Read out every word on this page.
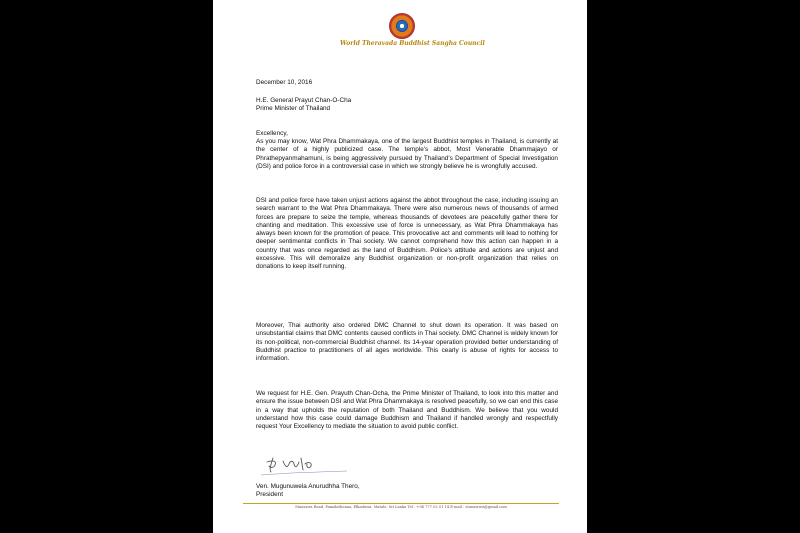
World Theravada Buddhist Sangha Council
December 10, 2016
H.E. General Prayut Chan-O-Cha
Prime Minister of Thailand
Excellency,
As you may know, Wat Phra Dhammakaya, one of the largest Buddhist temples in Thailand, is currently at the center of a highly publicized case. The temple's abbot, Most Venerable Dhammajayo or Phrathepyanmahamuni, is being aggressively pursued by Thailand's Department of Special Investigation (DSI) and police force in a controversial case in which we strongly believe he is wrongfully accused.
DSI and police force have taken unjust actions against the abbot throughout the case, including issuing an search warrant to the Wat Phra Dhammakaya. There were also numerous news of thousands of armed forces are prepare to seize the temple, whereas thousands of devotees are peacefully gather there for chanting and meditation. This excessive use of force is unnecessary, as Wat Phra Dhammakaya has always been known for the promotion of peace. This provocative act and comments will lead to nothing for deeper sentimental conflicts in Thai society. We cannot comprehend how this action can happen in a country that was once regarded as the land of Buddhism. Police's attitude and actions are unjust and excessive. This will demoralize any Buddhist organization or non-profit organization that relies on donations to keep itself running.
Moreover, Thai authority also ordered DMC Channel to shut down its operation. It was based on unsubstantial claims that DMC contents caused conflicts in Thai society. DMC Channel is widely known for its non-political, non-commercial Buddhist channel. Its 14-year operation provided better understanding of Buddhist practice to practitioners of all ages worldwide. This cearly is abuse of rights for access to information.
We request for H.E. Gen. Prayuth Chan-Ocha, the Prime Minister of Thailand, to look into this matter and ensure the issue between DSI and Wat Phra Dhammakaya is resolved peacefully, so we can end this case in a way that upholds the reputation of both Thailand and Buddhism. We believe that you would understand how this case could damage Buddhism and Thailand if handled wrongly and respectfully request Your Excellency to mediate the situation to avoid public conflict.
Ven. Mugunuwela Anurudhha Thero,
President
Mausawa Road, Pamalathenna, Elkaduwa, Matale, Sri Lanka Tel : +94 777 02 01 14 E-mail : stunatrust@gmail.com
